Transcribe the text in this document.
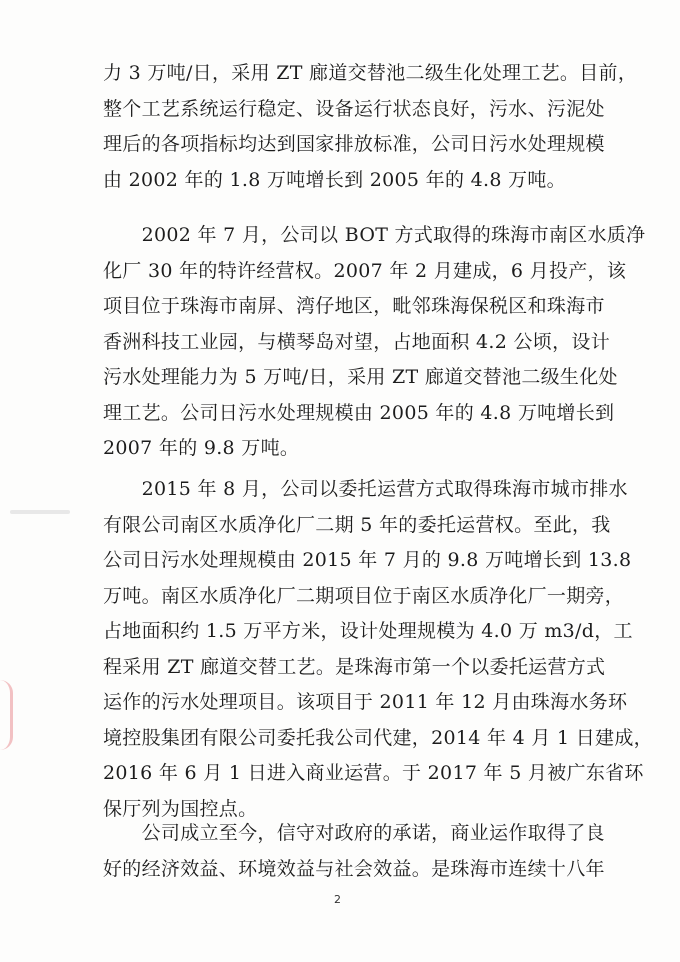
力 3 万吨/日，采用 ZT 廊道交替池二级生化处理工艺。目前，
整个工艺系统运行稳定、设备运行状态良好，污水、污泥处
理后的各项指标均达到国家排放标准，公司日污水处理规模
由 2002 年的 1.8 万吨增长到 2005 年的 4.8 万吨。
　　2002 年 7 月，公司以 BOT 方式取得的珠海市南区水质净
化厂 30 年的特许经营权。2007 年 2 月建成，6 月投产，该
项目位于珠海市南屏、湾仔地区，毗邻珠海保税区和珠海市
香洲科技工业园，与横琴岛对望，占地面积 4.2 公顷，设计
污水处理能力为 5 万吨/日，采用 ZT 廊道交替池二级生化处
理工艺。公司日污水处理规模由 2005 年的 4.8 万吨增长到
2007 年的 9.8 万吨。
　　2015 年 8 月，公司以委托运营方式取得珠海市城市排水
有限公司南区水质净化厂二期 5 年的委托运营权。至此，我
公司日污水处理规模由 2015 年 7 月的 9.8 万吨增长到 13.8
万吨。南区水质净化厂二期项目位于南区水质净化厂一期旁，
占地面积约 1.5 万平方米，设计处理规模为 4.0 万 m3/d，工
程采用 ZT 廊道交替工艺。是珠海市第一个以委托运营方式
运作的污水处理项目。该项目于 2011 年 12 月由珠海水务环
境控股集团有限公司委托我公司代建，2014 年 4 月 1 日建成，
2016 年 6 月 1 日进入商业运营。于 2017 年 5 月被广东省环
保厅列为国控点。
　　公司成立至今，信守对政府的承诺，商业运作取得了良
好的经济效益、环境效益与社会效益。是珠海市连续十八年
2
